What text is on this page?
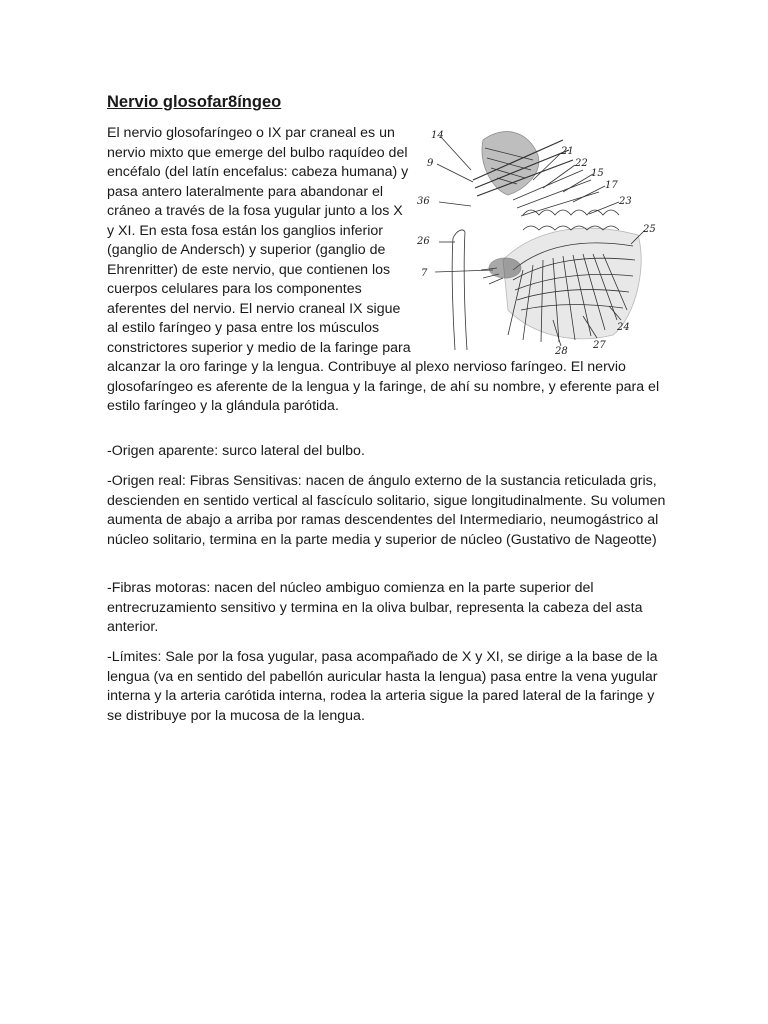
Nervio glosofar8íngeo
El nervio glosofaríngeo o IX par craneal es un nervio mixto que emerge del bulbo raquídeo del encéfalo (del latín encefalus: cabeza humana) y pasa antero lateralmente para abandonar el cráneo a través de la fosa yugular junto a los X y XI. En esta fosa están los ganglios inferior (ganglio de Andersch) y superior (ganglio de Ehrenritter) de este nervio, que contienen los cuerpos celulares para los componentes aferentes del nervio. El nervio craneal IX sigue al estilo faríngeo y pasa entre los músculos constrictores superior y medio de la faringe para alcanzar la oro faringe y la lengua. Contribuye al plexo nervioso faríngeo. El nervio glosofaríngeo es aferente de la lengua y la faringe, de ahí su nombre, y eferente para el estilo faríngeo y la glándula parótida.

-Origen aparente: surco lateral del bulbo.

-Origen real: Fibras Sensitivas: nacen de ángulo externo de la sustancia reticulada gris, descienden en sentido vertical al fascículo solitario, sigue longitudinalmente. Su volumen aumenta de abajo a arriba por ramas descendentes del Intermediario, neumogástrico al núcleo solitario, termina en la parte media y superior de núcleo (Gustativo de Nageotte)

-Fibras motoras: nacen del núcleo ambiguo comienza en la parte superior del entrecruzamiento sensitivo y termina en la oliva bulbar, representa la cabeza del asta anterior.

-Límites: Sale por la fosa yugular, pasa acompañado de X y XI, se dirige a la base de la lengua (va en sentido del pabellón auricular hasta la lengua) pasa entre la vena yugular interna y la arteria carótida interna, rodea la arteria sigue la pared lateral de la faringe y se distribuye por la mucosa de la lengua.

14
9
36
26
7
21
22
15
17
23
25
24
27
28
